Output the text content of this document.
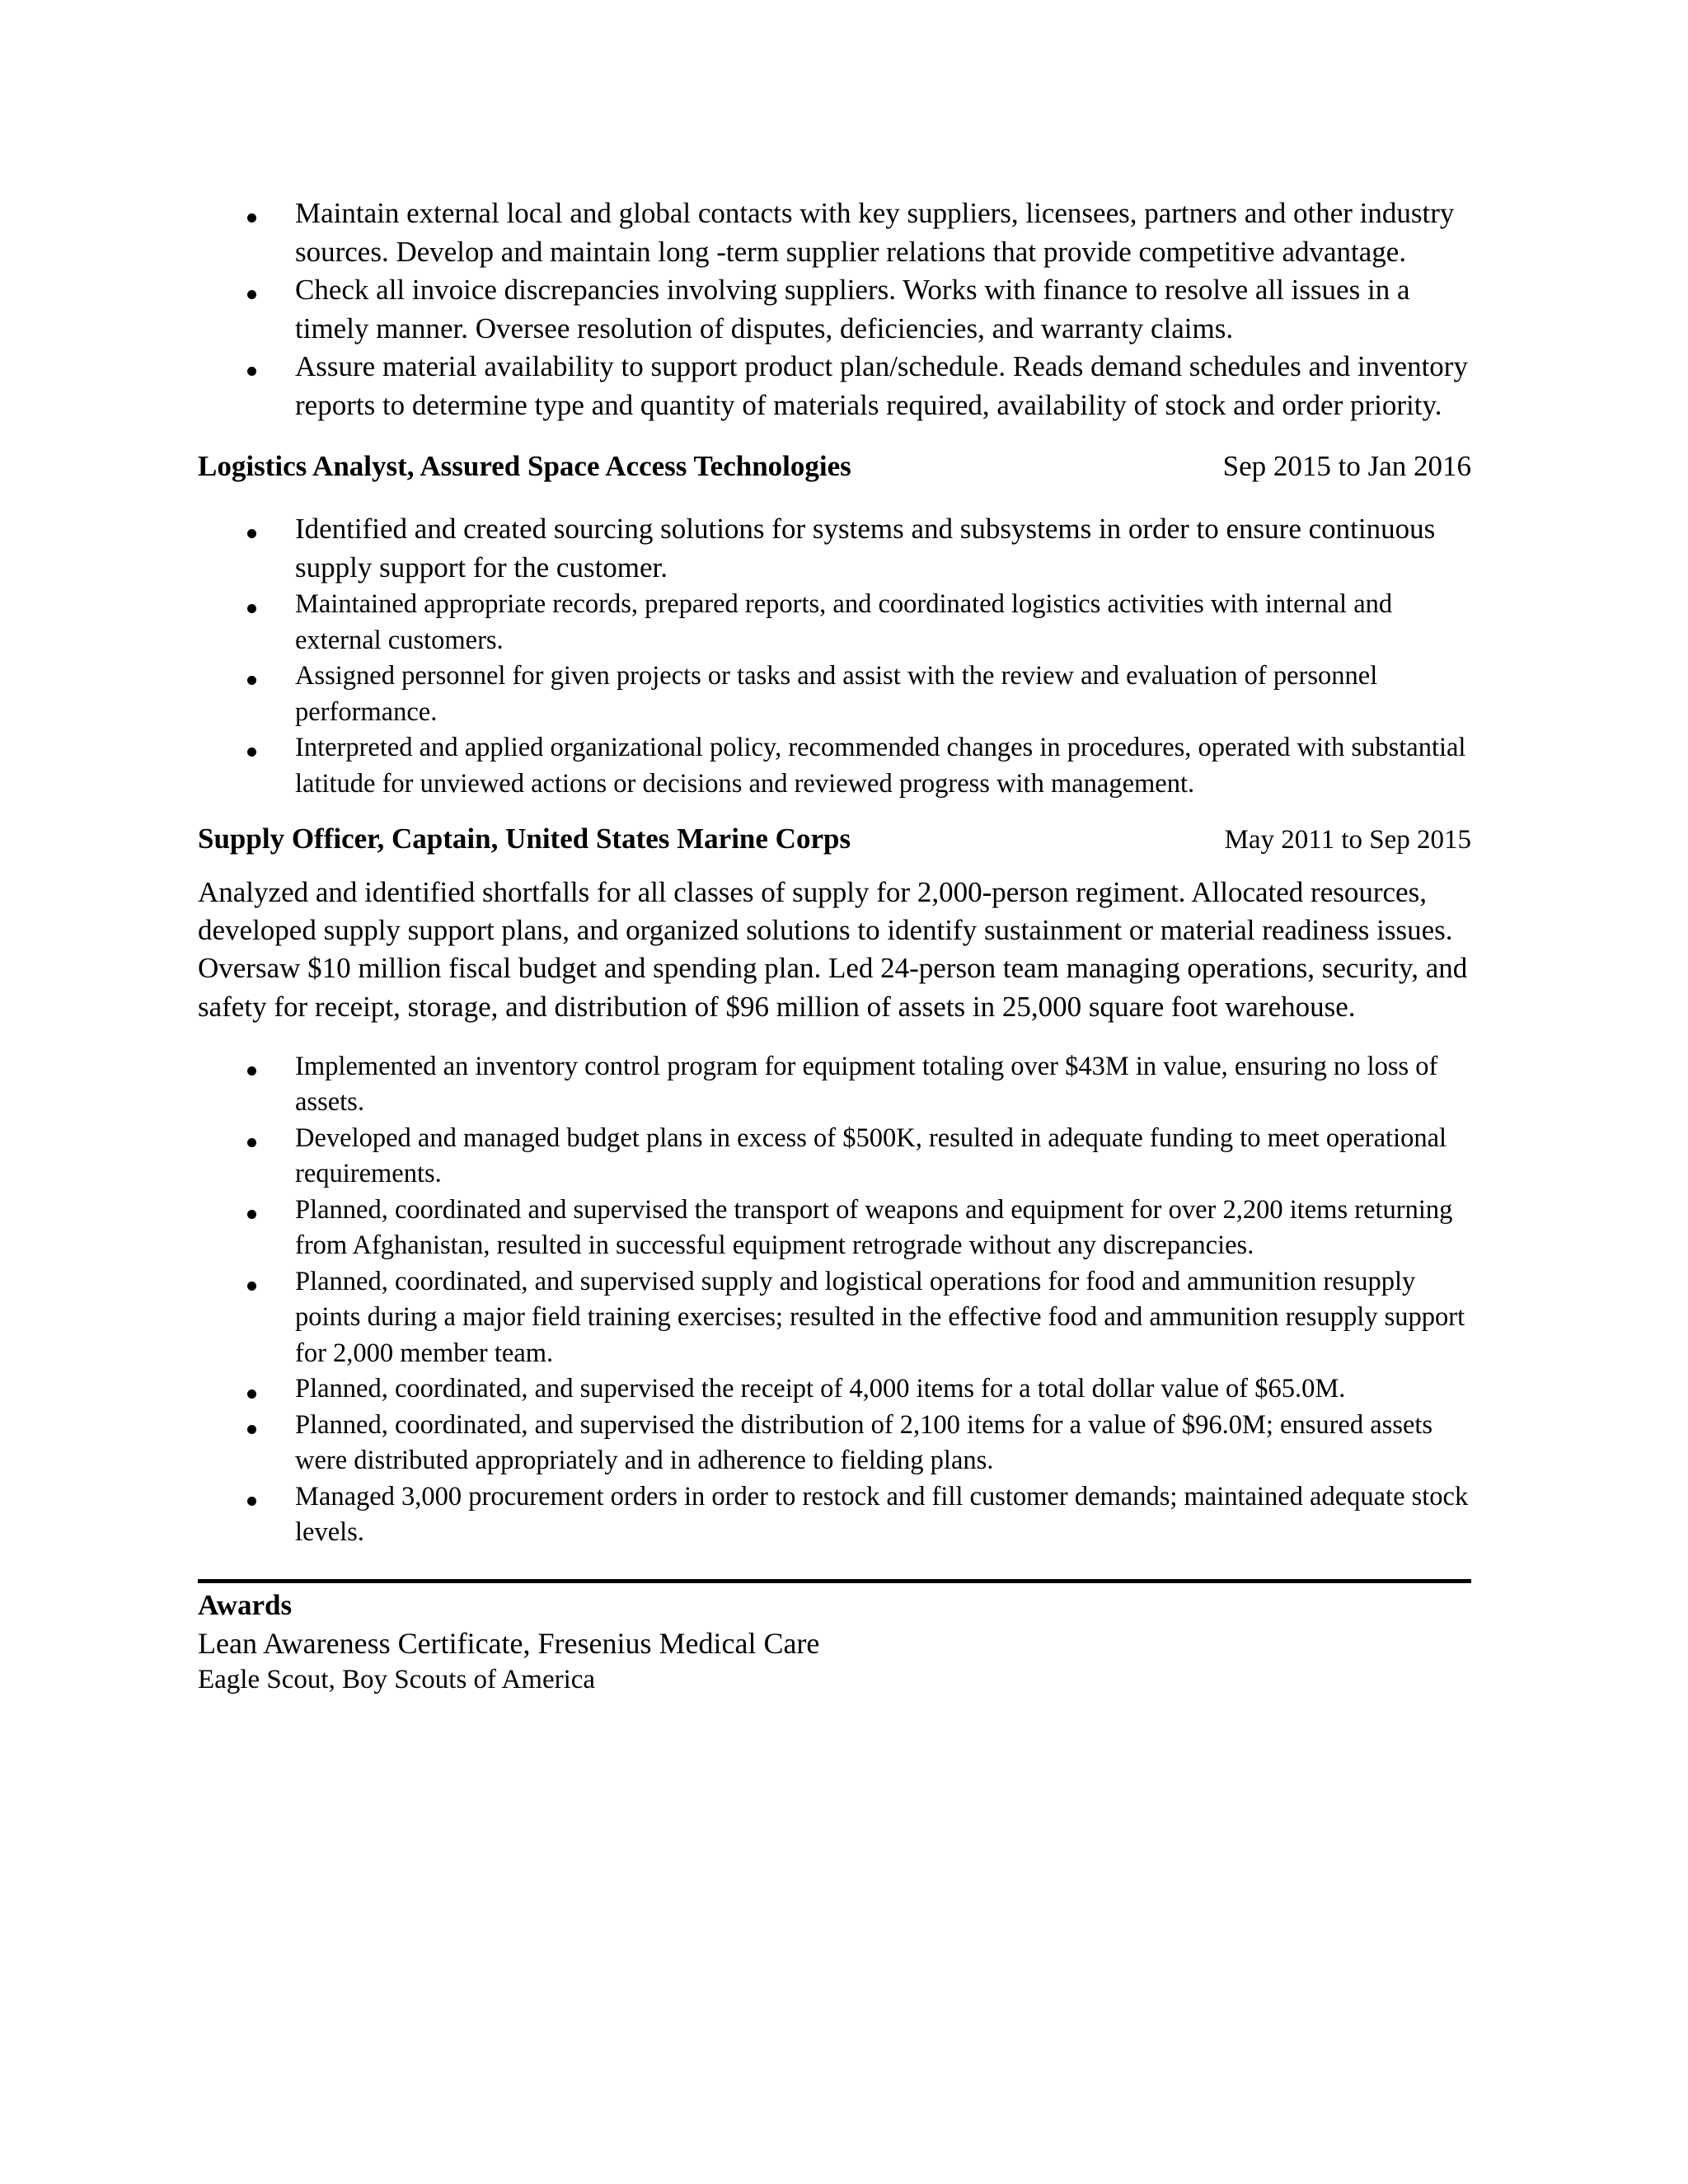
Maintain external local and global contacts with key suppliers, licensees, partners and other industry sources. Develop and maintain long -term supplier relations that provide competitive advantage.
Check all invoice discrepancies involving suppliers. Works with finance to resolve all issues in a timely manner. Oversee resolution of disputes, deficiencies, and warranty claims.
Assure material availability to support product plan/schedule. Reads demand schedules and inventory reports to determine type and quantity of materials required, availability of stock and order priority.
Logistics Analyst, Assured Space Access Technologies	Sep 2015 to Jan 2016
Identified and created sourcing solutions for systems and subsystems in order to ensure continuous supply support for the customer.
Maintained appropriate records, prepared reports, and coordinated logistics activities with internal and external customers.
Assigned personnel for given projects or tasks and assist with the review and evaluation of personnel performance.
Interpreted and applied organizational policy, recommended changes in procedures, operated with substantial latitude for unviewed actions or decisions and reviewed progress with management.
Supply Officer, Captain, United States Marine Corps	May 2011 to Sep 2015

Analyzed and identified shortfalls for all classes of supply for 2,000-person regiment. Allocated resources, developed supply support plans, and organized solutions to identify sustainment or material readiness issues. Oversaw $10 million fiscal budget and spending plan. Led 24-person team managing operations, security, and safety for receipt, storage, and distribution of $96 million of assets in 25,000 square foot warehouse.

Implemented an inventory control program for equipment totaling over $43M in value, ensuring no loss of assets.
Developed and managed budget plans in excess of $500K, resulted in adequate funding to meet operational requirements.
Planned, coordinated and supervised the transport of weapons and equipment for over 2,200 items returning from Afghanistan, resulted in successful equipment retrograde without any discrepancies.
Planned, coordinated, and supervised supply and logistical operations for food and ammunition resupply points during a major field training exercises; resulted in the effective food and ammunition resupply support for 2,000 member team.
Planned, coordinated, and supervised the receipt of 4,000 items for a total dollar value of $65.0M.
Planned, coordinated, and supervised the distribution of 2,100 items for a value of $96.0M; ensured assets were distributed appropriately and in adherence to fielding plans.
Managed 3,000 procurement orders in order to restock and fill customer demands; maintained adequate stock levels.
Awards
Lean Awareness Certificate, Fresenius Medical Care
Eagle Scout, Boy Scouts of America
